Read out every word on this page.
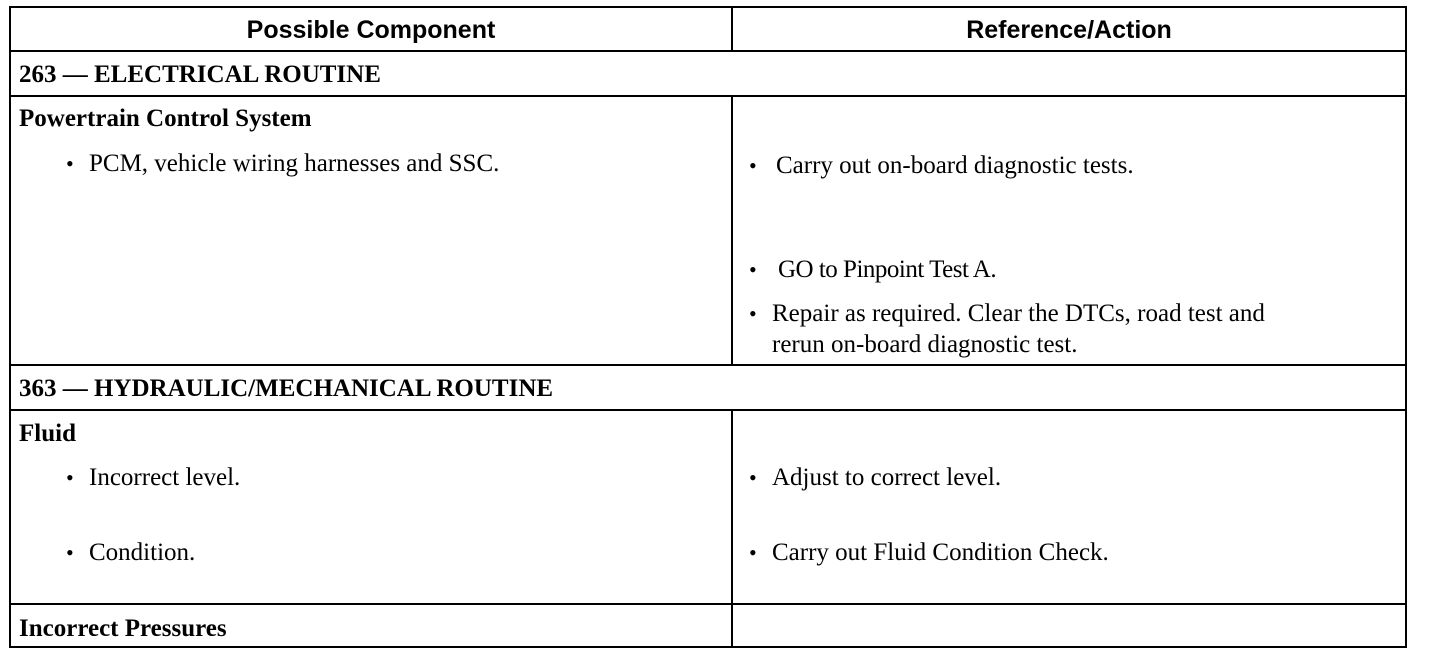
Possible Component	Reference/Action
263 — ELECTRICAL ROUTINE
Powertrain Control System
• PCM, vehicle wiring harnesses and SSC.	• Carry out on-board diagnostic tests.
• GO to Pinpoint Test A.
• Repair as required. Clear the DTCs, road test and
rerun on-board diagnostic test.
363 — HYDRAULIC/MECHANICAL ROUTINE
Fluid
• Incorrect level.	• Adjust to correct level.
• Condition.	• Carry out Fluid Condition Check.
Incorrect Pressures
